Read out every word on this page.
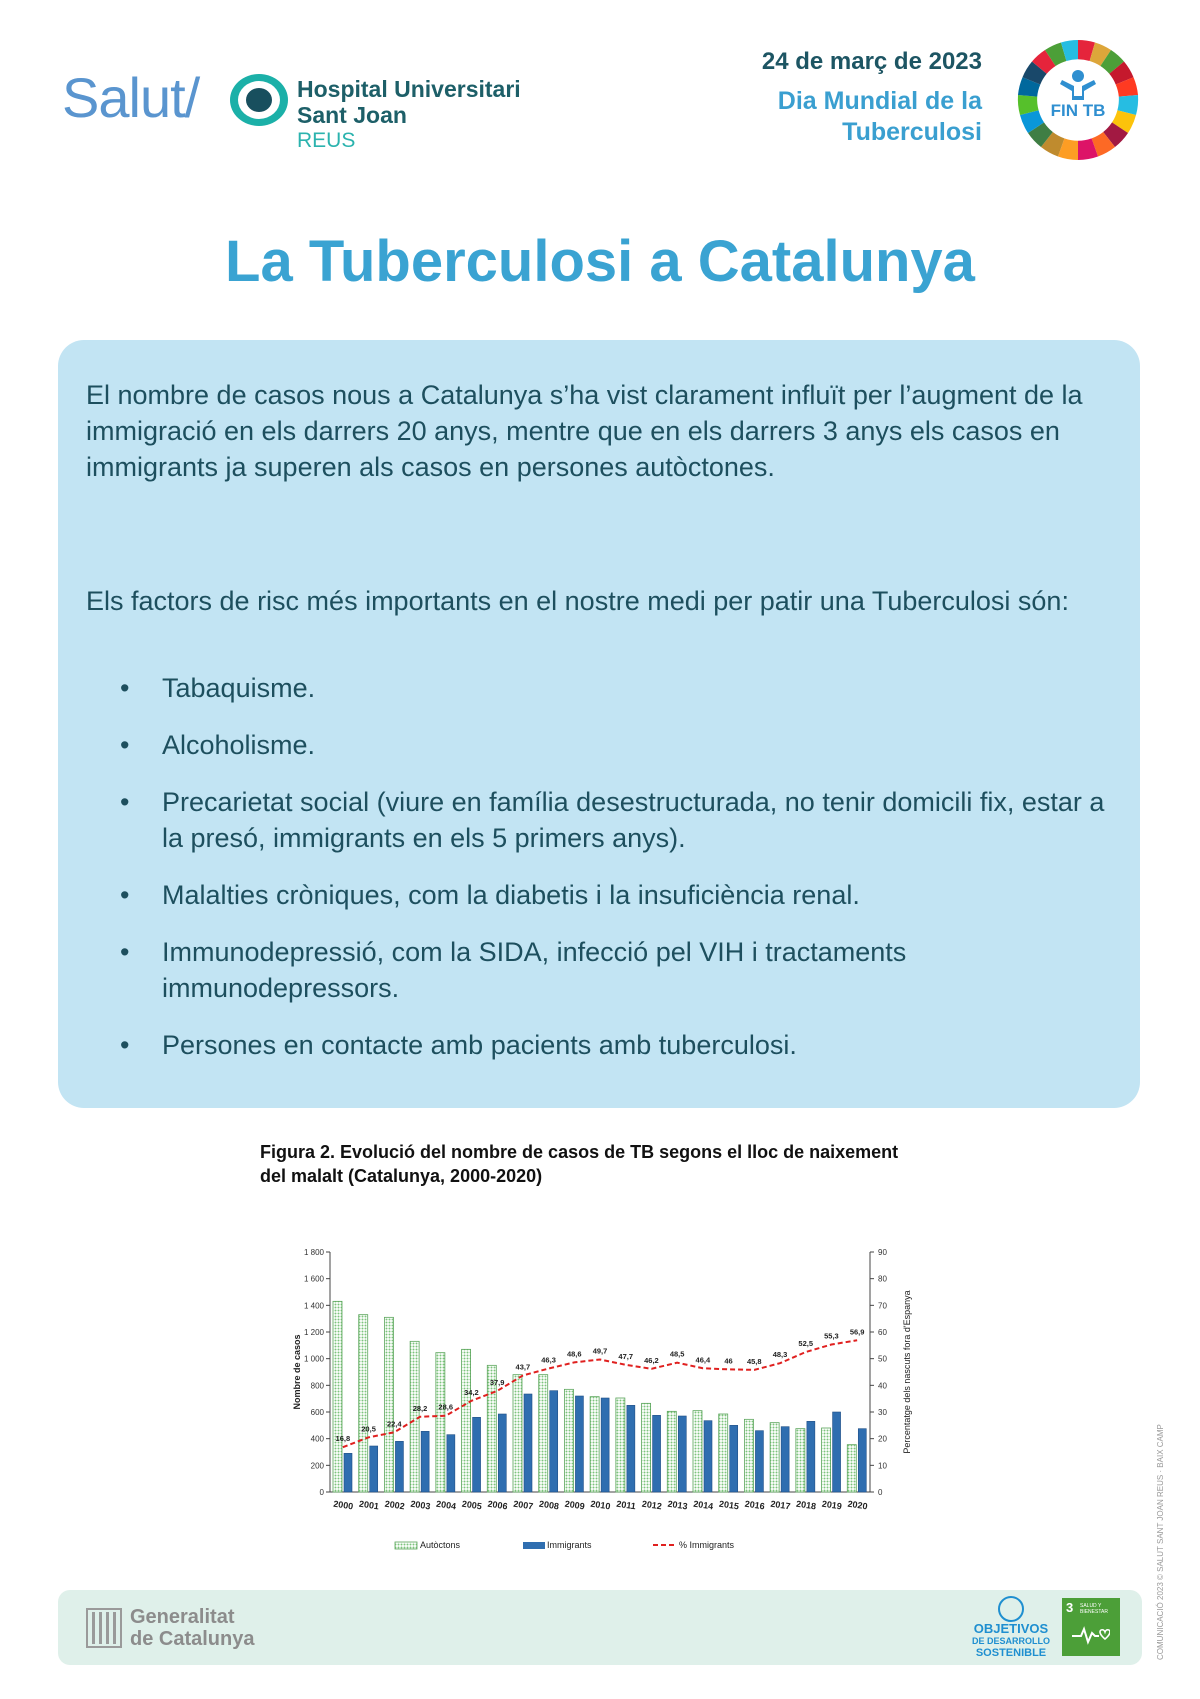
Salut/	Hospital Universitari
Sant Joan
REUS
24 de març de 2023
Dia Mundial de la
Tuberculosi
FIN TB
La Tuberculosi a Catalunya
El nombre de casos nous a Catalunya s’ha vist clarament influït per l’augment de la immigració en els darrers 20 anys, mentre que en els darrers 3 anys els casos en immigrants ja superen als casos en persones autòctones.
Els factors de risc més importants en el nostre medi per patir una Tuberculosi són:
• Tabaquisme.
• Alcoholisme.
• Precarietat social (viure en família desestructurada, no tenir domicili fix, estar a la presó, immigrants en els 5 primers anys).
• Malalties cròniques, com la diabetis i la insuficiència renal.
• Immunodepressió, com la SIDA, infecció pel VIH i tractaments immunodepressors.
• Persones en contacte amb pacients amb tuberculosi.
Figura 2. Evolució del nombre de casos de TB segons el lloc de naixement
del malalt (Catalunya, 2000-2020)
0
200
400
600
800
1 000
1 200
1 400
1 600
1 800
0
10
20
30
40
50
60
70
80
90
Nombre de casos	Percentatge dels nascuts fora d'Espanya
2000 2001 2002 2003 2004 2005 2006 2007 2008 2009 2010 2011 2012 2013 2014 2015 2016 2017 2018 2019 2020
16,8
20,5
22,4
28,2 28,6
34,2
37,9
43,7
46,3
48,6 49,7
47,7 46,2
48,5
46,4 46 45,8
48,3
52,5
55,3 56,9
Autòctons	Immigrants	% Immigrants	COMUNICACIÓ 2023 © SALUT SANT JOAN REUS · BAIX CAMP
Generalitat
de Catalunya	OBJETIVOS
DE DESARROLLO
SOSTENIBLE
3 SALUD Y BIENESTAR
